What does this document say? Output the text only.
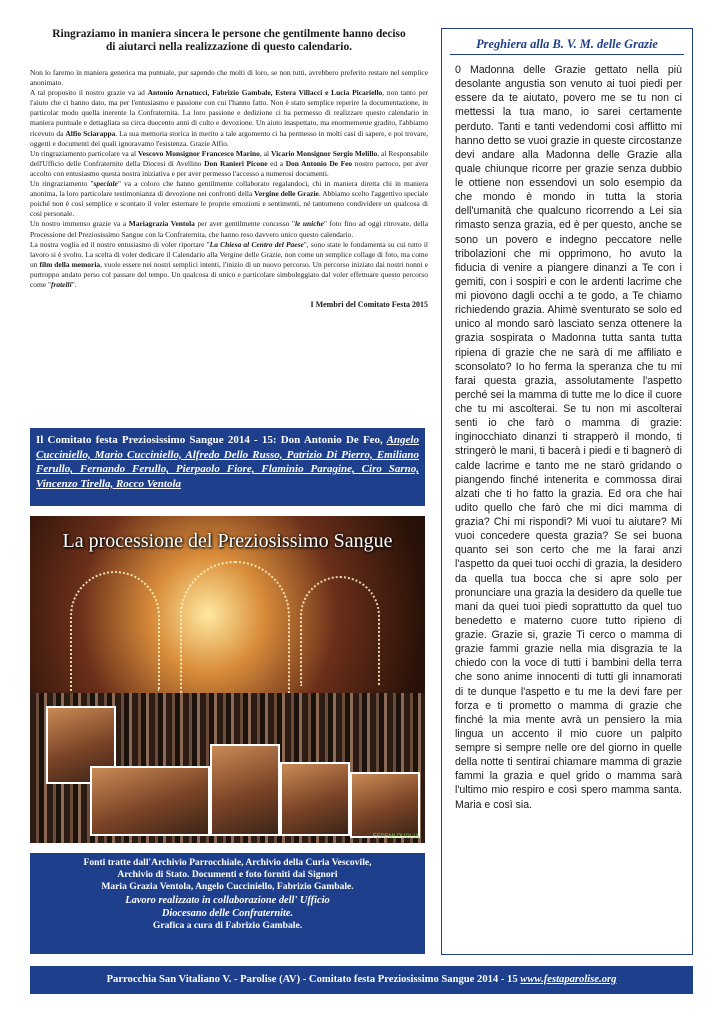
Ringraziamo in maniera sincera le persone che gentilmente hanno deciso
di aiutarci nella realizzazione di questo calendario.

Non lo faremo in maniera generica ma puntuale, pur sapendo che molti di loro, se non tutti, avrebbero preferito restare nel semplice anonimato.

A tal proposito il nostro grazie va ad Antonio Arnatucci, Fabrizio Gambale, Estera Villacci e Lucia Picariello, non tanto per l'aiuto che ci hanno dato, ma per l'entusiasmo e passione con cui l'hanno fatto. Non è stato semplice reperire la documentazione, in particolar modo quella inerente la Confraternita. La loro passione e dedizione ci ha permesso di realizzare questo calendario in maniera puntuale e dettagliata su circa duecento anni di culto e devozione. Un aiuto inaspettato, ma enormemente gradito, l'abbiamo ricevuto da Alfio Sciarappa. La sua memoria storica in merito a tale argomento ci ha permesso in molti casi di sapere, e poi trovare, oggetti e documenti dei quali ignoravamo l'esistenza. Grazie Alfio.

Un ringraziamento particolare va al Vescovo Monsignor Francesco Marino, al Vicario Monsignor Sergio Melillo, al Responsabile dell'Ufficio delle Confraternite della Diocesi di Avellino Don Ranieri Picone ed a Don Antonio De Feo nostro parroco, per aver accolto con entusiasmo questa nostra iniziativa e per aver permesso l'accesso a numerosi documenti.

Un ringraziamento "speciale" va a coloro che hanno gentilmente collaborato regalandoci, chi in maniera diretta chi in maniera anonima, la loro particolare testimonianza di devozione nei confronti della Vergine delle Grazie. Abbiamo scelto l'aggettivo speciale poiché non è così semplice e scontato il voler esternare le proprie emozioni e sentimenti, né tantomeno condividere un qualcosa di così personale.

Un nostro immenso grazie va a Mariagrazia Ventola per aver gentilmente concesso "le uniche" foto fino ad oggi ritrovate, della Processione del Preziosissimo Sangue con la Confraternita, che hanno reso davvero unico questo calendario.

La nostra voglia ed il nostro entusiasmo di voler riportare "La Chiesa al Centro del Paese", sono state le fondamenta su cui tutto il lavoro si è svolto. La scelta di voler dedicare il Calendario alla Vergine delle Grazie, non come un semplice collage di foto, ma come un film della memoria, vuole essere nei nostri semplici intenti, l'inizio di un nuovo percorso. Un percorso iniziato dai nostri nonni e purtroppo andato perso col passare del tempo. Un qualcosa di unico e particolare simboleggiato dal voler effettuare questo percorso come "fratelli".

I Membri del Comitato Festa 2015
Il Comitato festa Preziosissimo Sangue 2014 - 15: Don Antonio De Feo, Angelo Cucciniello, Mario Cucciniello, Alfredo Dello Russo, Patrizio Di Pierro, Emiliano Ferullo, Fernando Ferullo, Pierpaolo Fiore, Flaminio Paragine, Ciro Sarno, Vincenzo Tirella, Rocco Ventola
La processione del Preziosissimo Sangue
FEDEMI PUGLIA
Fonti tratte dall'Archivio Parrocchiale, Archivio della Curia Vescovile,
Archivio di Stato. Documenti e foto forniti dai Signori
Maria Grazia Ventola, Angelo Cucciniello, Fabrizio Gambale.
Lavoro realizzato in collaborazione dell' Ufficio
Diocesano delle Confraternite.
Grafica a cura di Fabrizio Gambale.
Preghiera alla B. V. M. delle Grazie
0 Madonna delle Grazie gettato nella più desolante angustia son venuto ai tuoi piedi per essere da te aiutato, povero me se tu non ci mettessi la tua mano, io sarei certamente perduto. Tanti e tanti vedendomi così afflitto mi hanno detto se vuoi grazie in queste circostanze devi andare alla Madonna delle Grazie alla quale chiunque ricorre per grazie senza dubbio le ottiene non essendovi un solo esempio da che mondo è mondo in tutta la storia dell'umanità che qualcuno ricorrendo a Lei sia rimasto senza grazia, ed è per questo, anche se sono un povero e indegno peccatore nelle tribolazioni che mi opprimono, ho avuto la fiducia di venire a piangere dinanzi a Te con i gemiti, con i sospiri e con le ardenti lacrime che mi piovono dagli occhi a te godo, a Te chiamo richiedendo grazia. Ahimè sventurato se solo ed unico al mondo sarò lasciato senza ottenere la grazia sospirata o Madonna tutta santa tutta ripiena di grazie che ne sarà di me affiliato e sconsolato? Io ho ferma la speranza che tu mi farai questa grazia, assolutamente l'aspetto perché sei la mamma di tutte me lo dice il cuore che tu mi ascolterai. Se tu non mi ascolterai senti io che farò o mamma di grazie: inginocchiato dinanzi ti strapperò il mondo, ti stringerò le mani, ti bacerà i piedi e ti bagnerò di calde lacrime e tanto me ne starò gridando o piangendo finché intenerita e commossa dirai alzati che ti ho fatto la grazia. Ed ora che hai udito quello che farò che mi dici mamma di grazia? Chi mi rispondi? Mi vuoi tu aiutare? Mi vuoi concedere questa grazia? Se sei buona quanto sei son certo che me la farai anzi l'aspetto da quei tuoi occhi di grazia, la desidero da quella tua bocca che si apre solo per pronunciare una grazia la desidero da quelle tue mani da quei tuoi piedi soprattutto da quel tuo benedetto e materno cuore tutto ripieno di grazie. Grazie si, grazie Ti cerco o mamma di grazie fammi grazie nella mia disgrazia te la chiedo con la voce di tutti i bambini della terra che sono anime innocenti di tutti gli innamorati di te dunque l'aspetto e tu me la devi fare per forza e ti prometto o mamma di grazie che finché la mia mente avrà un pensiero la mia lingua un accento il mio cuore un palpito sempre si sempre nelle ore del giorno in quelle della notte ti sentirai chiamare mamma di grazie fammi la grazia e quel grido o mamma sarà l'ultimo mio respiro e così spero mamma santa. Maria e così sia.
Parrocchia San Vitaliano V. - Parolise (AV) - Comitato festa Preziosissimo Sangue 2014 - 15 www.festaparolise.org
